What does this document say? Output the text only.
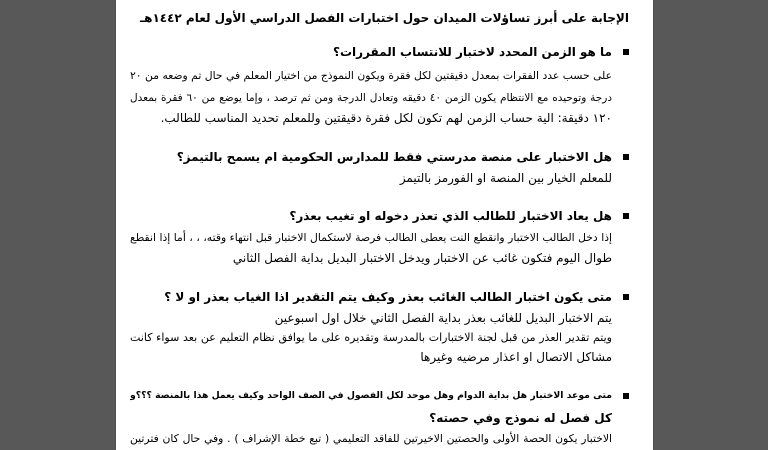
الإجابة على أبرز تساؤلات الميدان حول اختبارات الفصل الدراسي الأول لعام ١٤٤٢هـ
ما هو الزمن المحدد لاختبار للانتساب المقررات؟
على حسب عدد الفقرات بمعدل دقيقتين لكل فقرة ويكون النموذج من اختيار المعلم في حال تم وضعه من ٢٠
درجة وتوحيده مع الانتظام يكون الزمن ٤٠ دقيقه وتعادل الدرجة ومن ثم ترصد ، وإما يوضع من ٦٠ فقرة بمعدل
١٢٠ دقيقة: الية حساب الزمن لهم تكون لكل فقرة دقيقتين وللمعلم تحديد المناسب للطالب.
هل الاختبار على منصة مدرستي فقط للمدارس الحكومية ام يسمح بالتيمز؟
للمعلم الخيار بين المنصة او الفورمز بالتيمز
هل يعاد الاختبار للطالب الذي تعذر دخوله او تغيب بعذر؟
إذا دخل الطالب الاختبار وانقطع النت يعطى الطالب فرصة لاستكمال الاختبار قبل انتهاء وقته، ، ، أما إذا انقطع
طوال اليوم فتكون غائب عن الاختبار ويدخل الاختبار البديل بداية الفصل الثاني
متى يكون اختبار الطالب الغائب بعذر وكيف يتم التقدير اذا الغياب بعذر او لا ؟
يتم الاختبار البديل للغائب بعذر بداية الفصل الثاني خلال اول اسبوعين
ويتم تقدير العذر من قبل لجنة الاختبارات بالمدرسة وتقديره على ما يوافق نظام التعليم عن بعد سواء كانت
مشاكل الاتصال او اعذار مرضيه وغيرها
متى موعد الاختبار هل بداية الدوام وهل موحد لكل الفصول في الصف الواحد وكيف يعمل هذا بالمنصة ؟؟؟و
كل فصل له نموذج وفي حصته؟
الاختبار يكون الحصة الأولى والحصتين الاخيرتين للفاقد التعليمي ( تبع خطة الإشراف ) . وفي حال كان فترتين
